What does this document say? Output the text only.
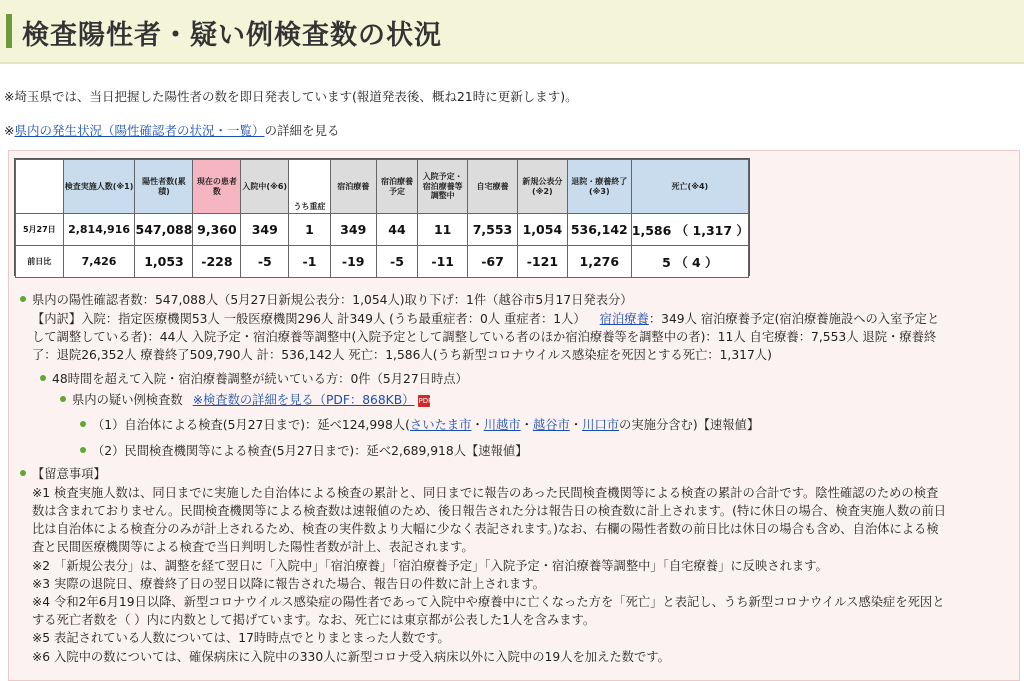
検査陽性者・疑い例検査数の状況

※埼玉県では、当日把握した陽性者の数を即日発表しています(報道発表後、概ね21時に更新します)。

※県内の発生状況（陽性確認者の状況・一覧）の詳細を見る

	検査実施人数(※1)	陽性者数(累積)	現在の患者数	入院中(※6)	うち重症	宿泊療養	宿泊療養予定	入院予定・宿泊療養等調整中	自宅療養	新規公表分(※2)	退院・療養終了(※3)	死亡(※4)
5月27日	2,814,916	547,088	9,360	349	1	349	44	11	7,553	1,054	536,142	1,586 （ 1,317 ）
前日比	7,426	1,053	-228	-5	-1	-19	-5	-11	-67	-121	1,276	5 （ 4 ）
県内の陽性確認者数：547,088人（5月27日新規公表分：1,054人)取り下げ：1件（越谷市5月17日発表分）
【内訳】入院：指定医療機関53人 一般医療機関296人 計349人 (うち最重症者：0人 重症者：1人） 宿泊療養：349人 宿泊療養予定(宿泊療養施設への入室予定と
して調整している者)：44人 入院予定・宿泊療養等調整中(入院予定として調整している者のほか宿泊療養等を調整中の者)：11人 自宅療養：7,553人 退院・療養終
了：退院26,352人 療養終了509,790人 計：536,142人 死亡：1,586人(うち新型コロナウイルス感染症を死因とする死亡：1,317人)
48時間を超えて入院・宿泊療養調整が続いている方：0件（5月27日時点）
県内の疑い例検査数 ※検査数の詳細を見る（PDF：868KB） PDF
（1）自治体による検査(5月27日まで)：延べ124,998人(さいたま市・川越市・越谷市・川口市の実施分含む)【速報値】
（2）民間検査機関等による検査(5月27日まで)：延べ2,689,918人【速報値】
【留意事項】
※1 検査実施人数は、同日までに実施した自治体による検査の累計と、同日までに報告のあった民間検査機関等による検査の累計の合計です。陰性確認のための検査
数は含まれておりません。民間検査機関等による検査数は速報値のため、後日報告された分は報告日の検査数に計上されます。(特に休日の場合、検査実施人数の前日
比は自治体による検査分のみが計上されるため、検査の実件数より大幅に少なく表記されます。)なお、右欄の陽性者数の前日比は休日の場合も含め、自治体による検
査と民間医療機関等による検査で当日判明した陽性者数が計上、表記されます。
※2 「新規公表分」は、調整を経て翌日に「入院中」「宿泊療養」「宿泊療養予定」「入院予定・宿泊療養等調整中」「自宅療養」に反映されます。
※3 実際の退院日、療養終了日の翌日以降に報告された場合、報告日の件数に計上されます。
※4 令和2年6月19日以降、新型コロナウイルス感染症の陽性者であって入院中や療養中に亡くなった方を「死亡」と表記し、うち新型コロナウイルス感染症を死因と
する死亡者数を（ ）内に内数として掲げています。なお、死亡には東京都が公表した1人を含みます。
※5 表記されている人数については、17時時点でとりまとまった人数です。
※6 入院中の数については、確保病床に入院中の330人に新型コロナ受入病床以外に入院中の19人を加えた数です。
